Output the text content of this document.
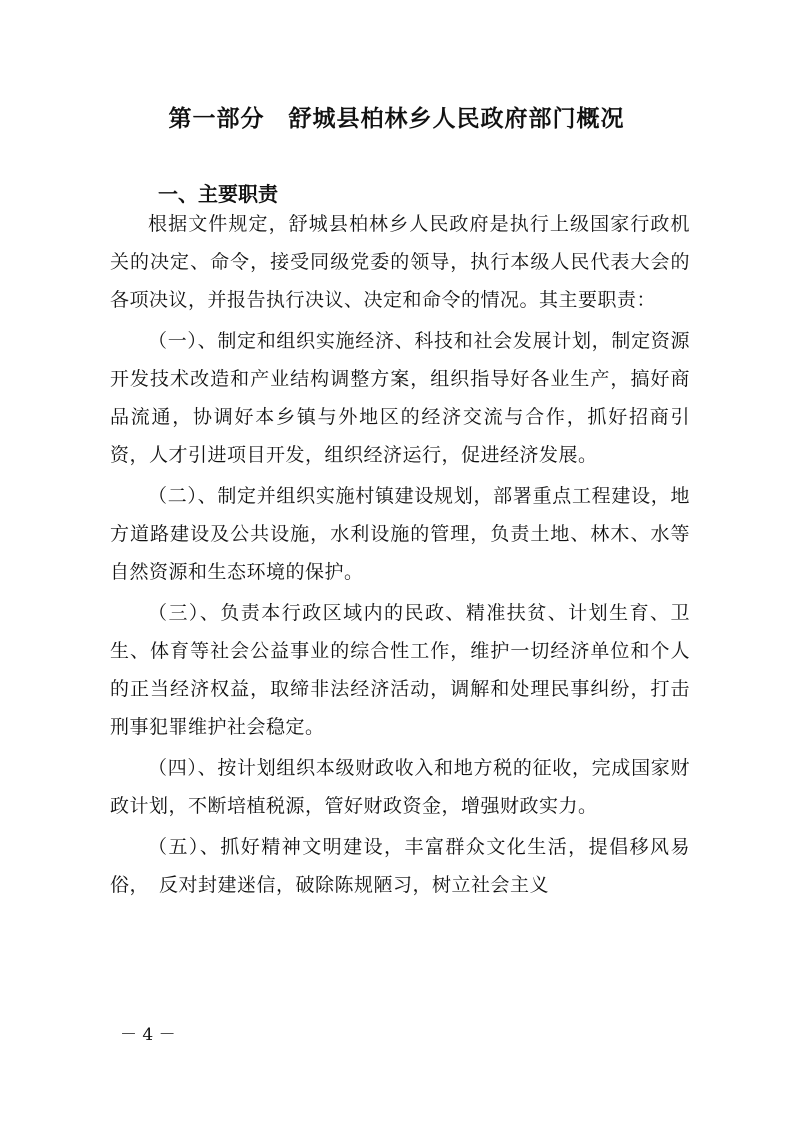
第一部分　舒城县柏林乡人民政府部门概况
一、主要职责

根据文件规定，舒城县柏林乡人民政府是执行上级国家行政机关的决定、命令，接受同级党委的领导，执行本级人民代表大会的各项决议，并报告执行决议、决定和命令的情况。其主要职责：

（一）、制定和组织实施经济、科技和社会发展计划，制定资源开发技术改造和产业结构调整方案，组织指导好各业生产，搞好商品流通，协调好本乡镇与外地区的经济交流与合作，抓好招商引资，人才引进项目开发，组织经济运行，促进经济发展。

（二）、制定并组织实施村镇建设规划，部署重点工程建设，地方道路建设及公共设施，水利设施的管理，负责土地、林木、水等自然资源和生态环境的保护。

（三）、负责本行政区域内的民政、精准扶贫、计划生育、卫生、体育等社会公益事业的综合性工作，维护一切经济单位和个人的正当经济权益，取缔非法经济活动，调解和处理民事纠纷，打击刑事犯罪维护社会稳定。

（四）、按计划组织本级财政收入和地方税的征收，完成国家财政计划，不断培植税源，管好财政资金，增强财政实力。

（五）、抓好精神文明建设，丰富群众文化生活，提倡移风易俗，　反对封建迷信，破除陈规陋习，树立社会主义

－ 4 －
